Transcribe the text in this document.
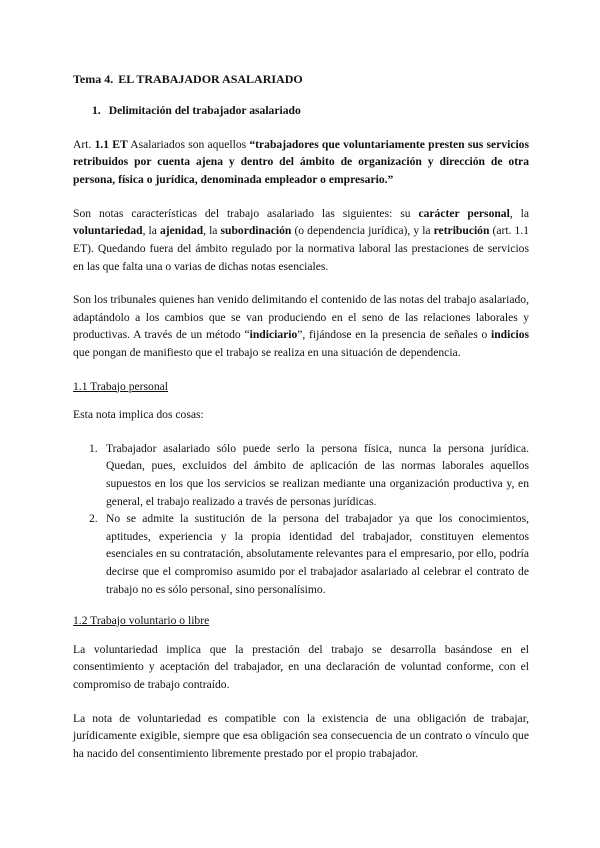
Tema 4. EL TRABAJADOR ASALARIADO
1. Delimitación del trabajador asalariado

Art. 1.1 ET Asalariados son aquellos “trabajadores que voluntariamente presten sus servicios retribuidos por cuenta ajena y dentro del ámbito de organización y dirección de otra persona, física o jurídica, denominada empleador o empresario.”

Son notas características del trabajo asalariado las siguientes: su carácter personal, la voluntariedad, la ajenidad, la subordinación (o dependencia jurídica), y la retribución (art. 1.1 ET). Quedando fuera del ámbito regulado por la normativa laboral las prestaciones de servicios en las que falta una o varias de dichas notas esenciales.

Son los tribunales quienes han venido delimitando el contenido de las notas del trabajo asalariado, adaptándolo a los cambios que se van produciendo en el seno de las relaciones laborales y productivas. A través de un método “indiciario”, fijándose en la presencia de señales o indicios que pongan de manifiesto que el trabajo se realiza en una situación de dependencia.

1.1 Trabajo personal

Esta nota implica dos cosas:

1. Trabajador asalariado sólo puede serlo la persona física, nunca la persona jurídica. Quedan, pues, excluidos del ámbito de aplicación de las normas laborales aquellos supuestos en los que los servicios se realizan mediante una organización productiva y, en general, el trabajo realizado a través de personas jurídicas.
2. No se admite la sustitución de la persona del trabajador ya que los conocimientos, aptitudes, experiencia y la propia identidad del trabajador, constituyen elementos esenciales en su contratación, absolutamente relevantes para el empresario, por ello, podría decirse que el compromiso asumido por el trabajador asalariado al celebrar el contrato de trabajo no es sólo personal, sino personalísimo.
1.2 Trabajo voluntario o libre

La voluntariedad implica que la prestación del trabajo se desarrolla basándose en el consentimiento y aceptación del trabajador, en una declaración de voluntad conforme, con el compromiso de trabajo contraído.

La nota de voluntariedad es compatible con la existencia de una obligación de trabajar, jurídicamente exigible, siempre que esa obligación sea consecuencia de un contrato o vínculo que ha nacido del consentimiento libremente prestado por el propio trabajador.
